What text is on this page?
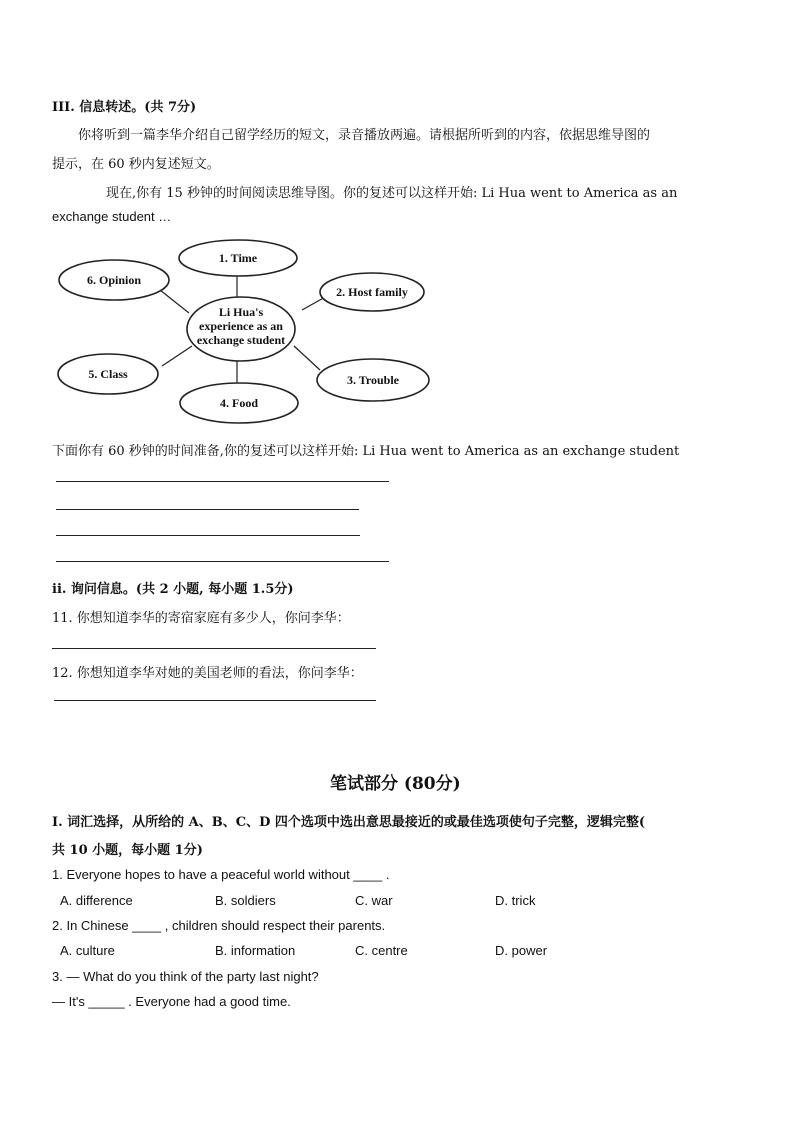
III. 信息转述。(共 7分)
你将听到一篇李华介绍自己留学经历的短文，录音播放两遍。请根据所听到的内容，依据思维导图的
提示，在 60 秒内复述短文。
现在,你有 15 秒钟的时间阅读思维导图。你的复述可以这样开始: Li Hua went to America as an
exchange student …
1. Time
2. Host family
3. Trouble
4. Food
5. Class
6. Opinion
Li Hua's
experience as an
exchange student
下面你有 60 秒钟的时间准备,你的复述可以这样开始: Li Hua went to America as an exchange student
ii. 询问信息。(共 2 小题, 每小题 1.5分)
11. 你想知道李华的寄宿家庭有多少人，你问李华：
12. 你想知道李华对她的美国老师的看法，你问李华：
笔试部分 (80分)
I. 词汇选择，从所给的 A、B、C、D 四个选项中选出意思最接近的或最佳选项使句子完整，逻辑完整(
共 10 小题，每小题 1分)
1. Everyone hopes to have a peaceful world without ____ .
A. difference	B. soldiers	C. war	D. trick
2. In Chinese ____ , children should respect their parents.
A. culture	B. information	C. centre	D. power
3. — What do you think of the party last night?
— It's _____ . Everyone had a good time.
